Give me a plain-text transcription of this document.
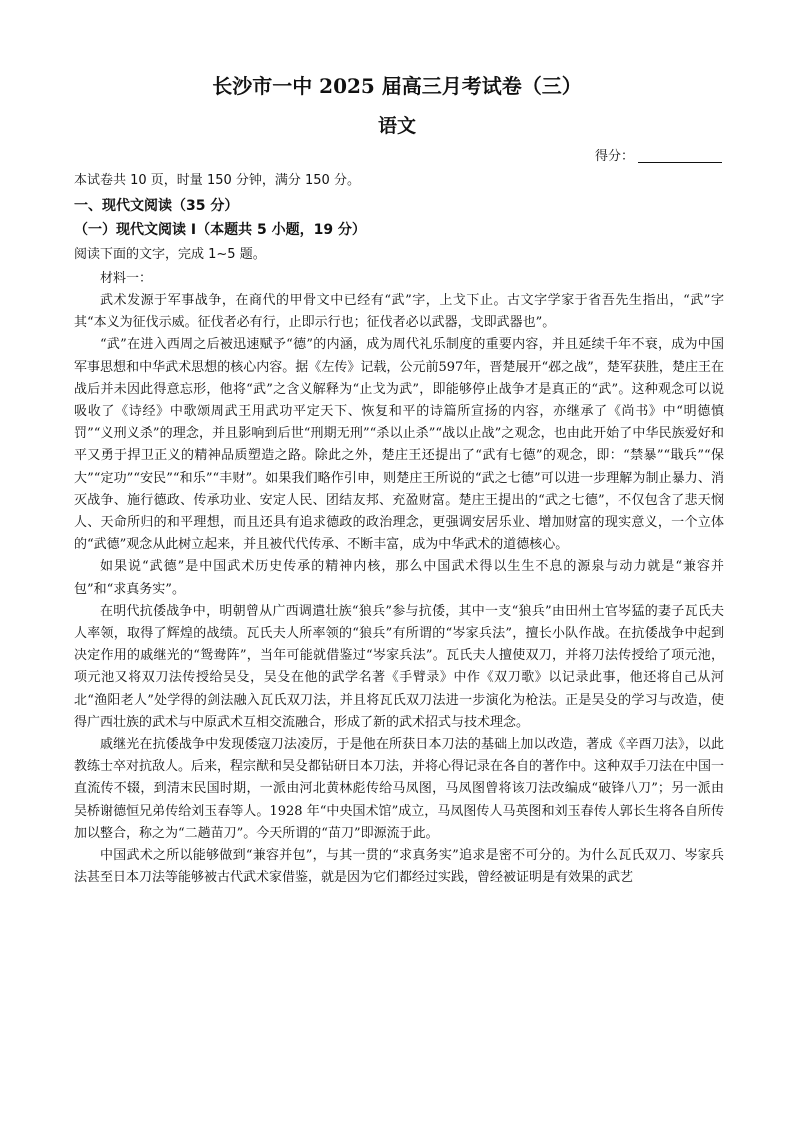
长沙市一中 2025 届高三月考试卷（三）
语文
得分：
本试卷共 10 页，时量 150 分钟，满分 150 分。
一、现代文阅读（35 分）
（一）现代文阅读 Ⅰ（本题共 5 小题，19 分）
阅读下面的文字，完成 1~5 题。

材料一：

武术发源于军事战争，在商代的甲骨文中已经有“武”字，上戈下止。古文字学家于省吾先生指出，“武”字其“本义为征伐示威。征伐者必有行，止即示行也；征伐者必以武器，戈即武器也”。

“武”在进入西周之后被迅速赋予“德”的内涵，成为周代礼乐制度的重要内容，并且延续千年不衰，成为中国军事思想和中华武术思想的核心内容。据《左传》记载，公元前597年，晋楚展开“邲之战”，楚军获胜，楚庄王在战后并未因此得意忘形，他将“武”之含义解释为“止戈为武”，即能够停止战争才是真正的“武”。这种观念可以说吸收了《诗经》中歌颂周武王用武功平定天下、恢复和平的诗篇所宣扬的内容，亦继承了《尚书》中“明德慎罚”“义刑义杀”的理念，并且影响到后世“刑期无刑”“杀以止杀”“战以止战”之观念，也由此开始了中华民族爱好和平又勇于捍卫正义的精神品质塑造之路。除此之外，楚庄王还提出了“武有七德”的观念，即：“禁暴”“戢兵”“保大”“定功”“安民”“和乐”“丰财”。如果我们略作引申，则楚庄王所说的“武之七德”可以进一步理解为制止暴力、消灭战争、施行德政、传承功业、安定人民、团结友邦、充盈财富。楚庄王提出的“武之七德”，不仅包含了悲天悯人、天命所归的和平理想，而且还具有追求德政的政治理念，更强调安居乐业、增加财富的现实意义，一个立体的“武德”观念从此树立起来，并且被代代传承、不断丰富，成为中华武术的道德核心。

如果说“武德”是中国武术历史传承的精神内核，那么中国武术得以生生不息的源泉与动力就是“兼容并包”和“求真务实”。

在明代抗倭战争中，明朝曾从广西调遣壮族“狼兵”参与抗倭，其中一支“狼兵”由田州土官岑猛的妻子瓦氏夫人率领，取得了辉煌的战绩。瓦氏夫人所率领的“狼兵”有所谓的“岑家兵法”，擅长小队作战。在抗倭战争中起到决定作用的戚继光的“鸳鸯阵”，当年可能就借鉴过“岑家兵法”。瓦氏夫人擅使双刀，并将刀法传授给了项元池，项元池又将双刀法传授给吴殳，吴殳在他的武学名著《手臂录》中作《双刀歌》以记录此事，他还将自己从河北“渔阳老人”处学得的剑法融入瓦氏双刀法，并且将瓦氏双刀法进一步演化为枪法。正是吴殳的学习与改造，使得广西壮族的武术与中原武术互相交流融合，形成了新的武术招式与技术理念。

戚继光在抗倭战争中发现倭寇刀法凌厉，于是他在所获日本刀法的基础上加以改造，著成《辛酉刀法》，以此教练士卒对抗敌人。后来，程宗猷和吴殳都钻研日本刀法，并将心得记录在各自的著作中。这种双手刀法在中国一直流传不辍，到清末民国时期，一派由河北黄林彪传给马凤图，马凤图曾将该刀法改编成“破锋八刀”；另一派由吴桥谢德恒兄弟传给刘玉春等人。1928 年“中央国术馆”成立，马凤图传人马英图和刘玉春传人郭长生将各自所传加以整合，称之为“二趟苗刀”。今天所谓的“苗刀”即源流于此。

中国武术之所以能够做到“兼容并包”，与其一贯的“求真务实”追求是密不可分的。为什么瓦氏双刀、岑家兵法甚至日本刀法等能够被古代武术家借鉴，就是因为它们都经过实践，曾经被证明是有效果的武艺
